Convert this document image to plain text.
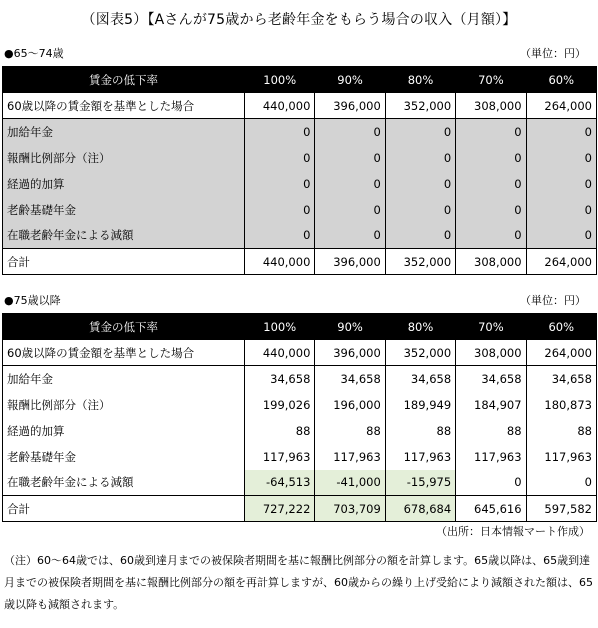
（図表5）【Aさんが75歳から老齢年金をもらう場合の収入（月額）】
●65～74歳	（単位：円）
賃金の低下率	100%	90%	80%	70%	60%
60歳以降の賃金額を基準とした場合	440,000	396,000	352,000	308,000	264,000
加給年金	0	0	0	0	0
報酬比例部分（注）	0	0	0	0	0
経過的加算	0	0	0	0	0
老齢基礎年金	0	0	0	0	0
在職老齢年金による減額	0	0	0	0	0
合計	440,000	396,000	352,000	308,000	264,000
●75歳以降	（単位：円）
賃金の低下率	100%	90%	80%	70%	60%
60歳以降の賃金額を基準とした場合	440,000	396,000	352,000	308,000	264,000
加給年金	34,658	34,658	34,658	34,658	34,658
報酬比例部分（注）	199,026	196,000	189,949	184,907	180,873
経過的加算	88	88	88	88	88
老齢基礎年金	117,963	117,963	117,963	117,963	117,963
在職老齢年金による減額	-64,513	-41,000	-15,975	0	0
合計	727,222	703,709	678,684	645,616	597,582
（出所：日本情報マート作成）
（注）60～64歳では、60歳到達月までの被保険者期間を基に報酬比例部分の額を計算します。65歳以降は、65歳到達月までの被保険者期間を基に報酬比例部分の額を再計算しますが、60歳からの繰り上げ受給により減額された額は、65歳以降も減額されます。
